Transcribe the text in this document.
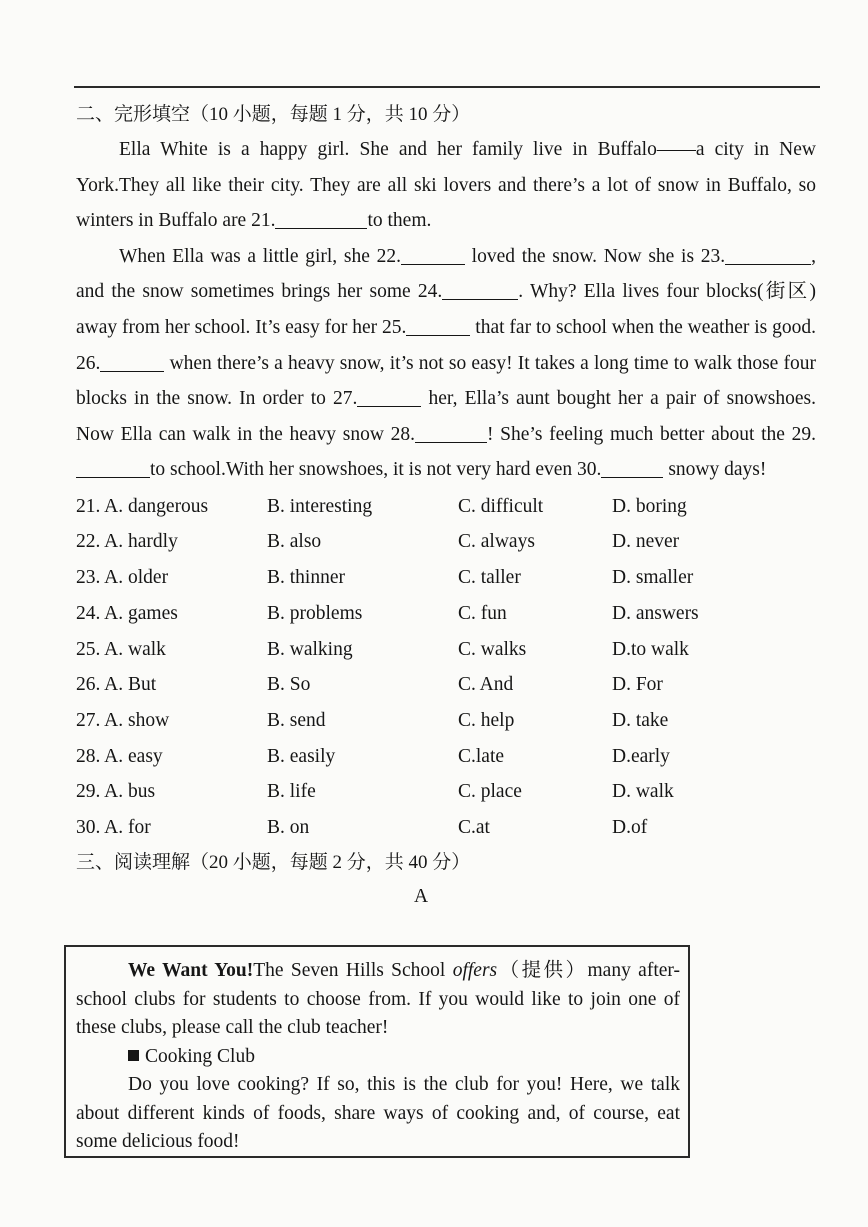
二、完形填空（10 小题，每题 1 分，共 10 分）

Ella White is a happy girl. She and her family live in Buffalo——a city in New York.They all like their city. They are all ski lovers and there’s a lot of snow in Buffalo, so winters in Buffalo are 21.	to them.

When Ella was a little girl, she 22.	loved the snow. Now she is 23.	, and the snow sometimes brings her some 24.	. Why? Ella lives four blocks(街区) away from her school. It’s easy for her 25.	that far to school when the weather is good. 26.	when there’s a heavy snow, it’s not so easy! It takes a long time to walk those four blocks in the snow. In order to 27.	her, Ella’s aunt bought her a pair of snowshoes. Now Ella can walk in the heavy snow 28.	! She’s feeling much better about the 29.to school.With her snowshoes, it is not very hard even 30.	snowy days!

21. A. dangerous	B. interesting	C. difficult	D. boring
22. A. hardly	B. also	C. always	D. never
23. A. older	B. thinner	C. taller	D. smaller
24. A. games	B. problems	C. fun	D. answers
25. A. walk	B. walking	C. walks	D.to walk
26. A. But	B. So	C. And	D. For
27. A. show	B. send	C. help	D. take
28. A. easy	B. easily	C.late	D.early
29. A. bus	B. life	C. place	D. walk
30. A. for	B. on	C.at	D.of
三、阅读理解（20 小题，每题 2 分，共 40 分）
A

We Want You!The Seven Hills School offers（提供）many after-school clubs for students to choose from. If you would like to join one of these clubs, please call the club teacher!

Cooking Club

Do you love cooking? If so, this is the club for you! Here, we talk about different kinds of foods, share ways of cooking and, of course, eat some delicious food!
